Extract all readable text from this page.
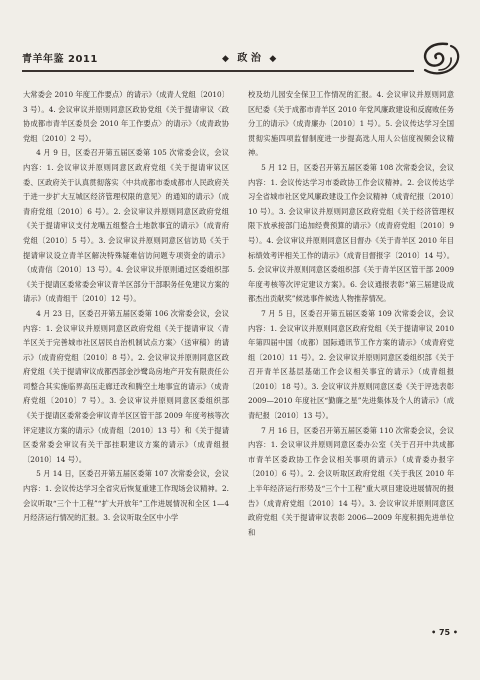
青羊年鉴 2011	◆ 政 治 ◆

大常委会 2010 年度工作要点）的请示》（成青人党组〔2010〕3 号）。4. 会议审议并原则同意区政协党组《关于提请审议〈政协成都市青羊区委员会 2010 年工作要点〉的请示》（成青政协党组〔2010〕2 号）。

4 月 9 日，区委召开第五届区委第 105 次常委会议，会议内容：1. 会议审议并原则同意区政府党组《关于提请审议区委、区政府关于认真贯彻落实〈中共成都市委成都市人民政府关于进一步扩大互城区经济管理权限的意见〉的通知的请示》（成青府党组〔2010〕6 号）。2. 会议审议并原则同意区政府党组《关于提请审议支付龙嘴五组整合土地款事宜的请示》（成青府党组〔2010〕5 号）。3. 会议审议并原则同意区信访局《关于提请审议设立青羊区解决特殊疑难信访问题专项资金的请示》（成青信〔2010〕13 号）。4. 会议审议并原则通过区委组织部《关于提请区委常委会审议青羊区部分干部职务任免建议方案的请示》（成青组干〔2010〕12 号）。

4 月 23 日，区委召开第五届区委第 106 次常委会议，会议内容：1. 会议审议并原则同意区政府党组《关于提请审议〈青羊区关于完善城市社区居民自治机制试点方案〉（送审稿）的请示》（成青府党组〔2010〕8 号）。2. 会议审议并原则同意区政府党组《关于提请审议成都西部金沙鹭岛房地产开发有限责任公司整合其实施临界高压走廊迁改和腾空土地事宜的请示》（成青府党组〔2010〕7 号）。3. 会议审议并原则同意区委组织部《关于提请区委常委会审议青羊区区管干部 2009 年度考核等次评定建议方案的请示》（成青组〔2010〕13 号）和《关于提请区委常委会审议有关干部挂职建议方案的请示》（成青组报〔2010〕14 号）。

5 月 14 日，区委召开第五届区委第 107 次常委会议，会议内容：1. 会议传达学习全省灾后恢复重建工作现场会议精神。2. 会议听取“三个十工程”“扩大开放年”工作进展情况和全区 1—4 月经济运行情况的汇报。3. 会议听取全区中小学

校及幼儿园安全保卫工作情况的汇报。4. 会议审议并原则同意区纪委《关于成都市青羊区 2010 年党风廉政建设和反腐败任务分工的请示》（成青廉办〔2010〕1 号）。5. 会议传达学习全国贯彻实施四项监督制度进一步提高选人用人公信度视频会议精神。

5 月 12 日，区委召开第五届区委第 108 次常委会议，会议内容：1. 会议传达学习市委政协工作会议精神。2. 会议传达学习全省城市社区党风廉政建设工作会议精神（成青纪报〔2010〕10 号）。3. 会议审议并原则同意区政府党组《关于经济管理权限下放承接部门追加经费预算的请示》（成青府党组〔2010〕9 号）。4. 会议审议并原则同意区目督办《关于青羊区 2010 年目标绩效考评相关工作的请示》（成青目督报字〔2010〕14 号）。5. 会议审议并原则同意区委组织部《关于青羊区区管干部 2009 年度考核等次评定建议方案》。6. 会议通报表彰“第三届建设成都杰出贡献奖”候选事件候选人物推荐情况。

7 月 5 日，区委召开第五届区委第 109 次常委会议，会议内容：1. 会议审议并原则同意区政府党组《关于提请审议 2010 年第四届中国（成都）国际通讯节工作方案的请示》（成青府党组〔2010〕11 号）。2. 会议审议并原则同意区委组织部《关于召开青羊区基层基础工作会议相关事宜的请示》（成青组报〔2010〕18 号）。3. 会议审议并原则同意区委《关于评选表彰 2009—2010 年度社区“勤廉之星”先进集体及个人的请示》（成青纪报〔2010〕13 号）。

7 月 16 日，区委召开第五届区委第 110 次常委会议，会议内容：1. 会议审议并原则同意区委办公室《关于召开中共成都市青羊区委政协工作会议相关事项的请示》（成青委办报字〔2010〕6 号）。2. 会议听取区政府党组《关于我区 2010 年上半年经济运行形势及“三个十工程”重大项目建设进展情况的报告》（成青府党组〔2010〕14 号）。3. 会议审议并原则同意区政府党组《关于提请审议表彰 2006—2009 年度积拥先进单位和

• 75 •
